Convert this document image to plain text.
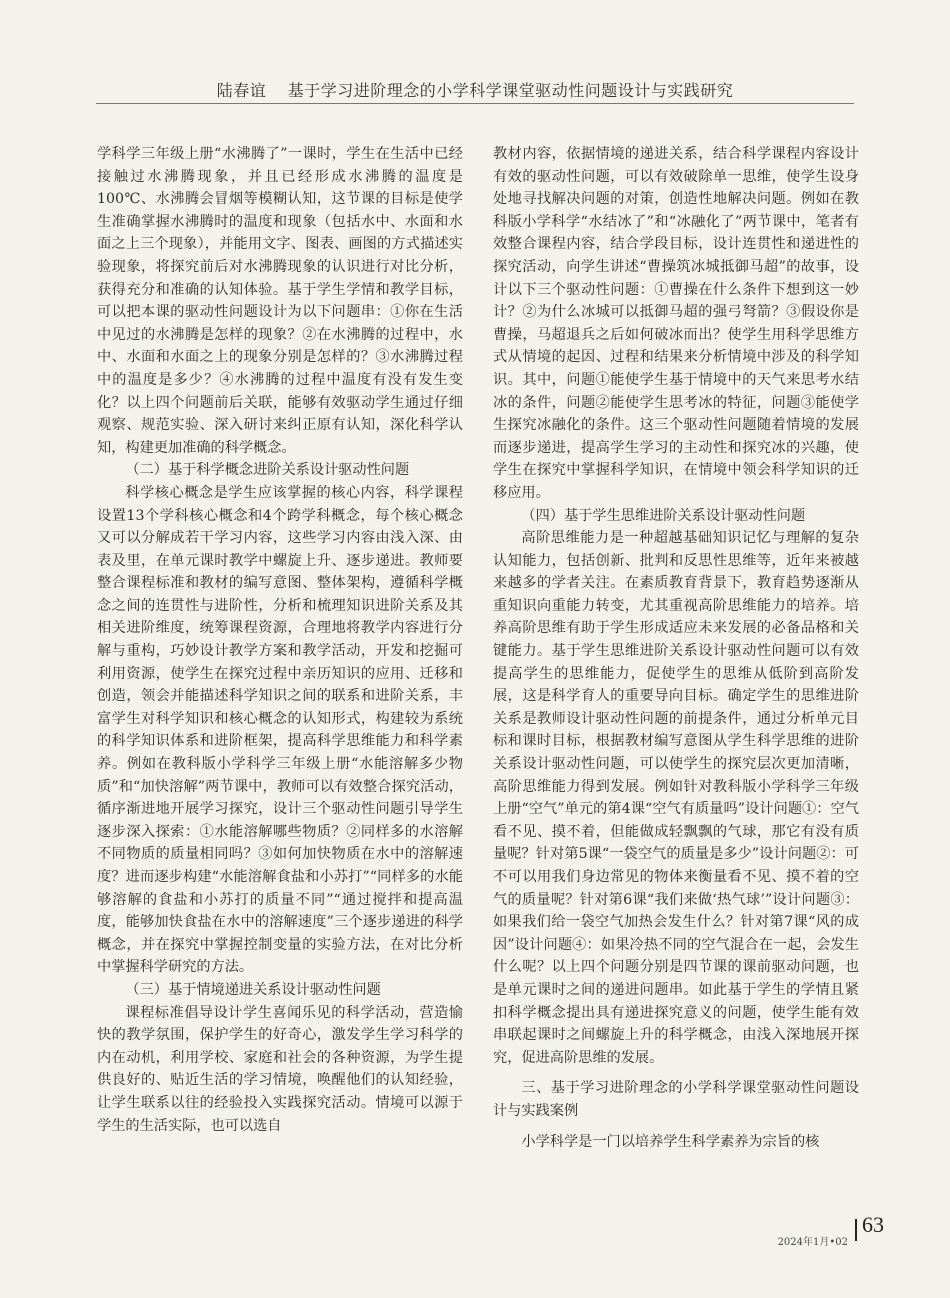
陆春谊 基于学习进阶理念的小学科学课堂驱动性问题设计与实践研究

学科学三年级上册“水沸腾了”一课时，学生在生活中已经接触过水沸腾现象，并且已经形成水沸腾的温度是100℃、水沸腾会冒烟等模糊认知，这节课的目标是使学生准确掌握水沸腾时的温度和现象（包括水中、水面和水面之上三个现象），并能用文字、图表、画图的方式描述实验现象，将探究前后对水沸腾现象的认识进行对比分析，获得充分和准确的认知体验。基于学生学情和教学目标，可以把本课的驱动性问题设计为以下问题串：①你在生活中见过的水沸腾是怎样的现象？②在水沸腾的过程中，水中、水面和水面之上的现象分别是怎样的？③水沸腾过程中的温度是多少？④水沸腾的过程中温度有没有发生变化？以上四个问题前后关联，能够有效驱动学生通过仔细观察、规范实验、深入研讨来纠正原有认知，深化科学认知，构建更加准确的科学概念。

（二）基于科学概念进阶关系设计驱动性问题

科学核心概念是学生应该掌握的核心内容，科学课程设置13个学科核心概念和4个跨学科概念，每个核心概念又可以分解成若干学习内容，这些学习内容由浅入深、由表及里，在单元课时教学中螺旋上升、逐步递进。教师要整合课程标准和教材的编写意图、整体架构，遵循科学概念之间的连贯性与进阶性，分析和梳理知识进阶关系及其相关进阶维度，统筹课程资源，合理地将教学内容进行分解与重构，巧妙设计教学方案和教学活动，开发和挖掘可利用资源，使学生在探究过程中亲历知识的应用、迁移和创造，领会并能描述科学知识之间的联系和进阶关系，丰富学生对科学知识和核心概念的认知形式，构建较为系统的科学知识体系和进阶框架，提高科学思维能力和科学素养。例如在教科版小学科学三年级上册“水能溶解多少物质”和“加快溶解”两节课中，教师可以有效整合探究活动，循序渐进地开展学习探究，设计三个驱动性问题引导学生逐步深入探索：①水能溶解哪些物质？②同样多的水溶解不同物质的质量相同吗？③如何加快物质在水中的溶解速度？进而逐步构建“水能溶解食盐和小苏打”“同样多的水能够溶解的食盐和小苏打的质量不同”“通过搅拌和提高温度，能够加快食盐在水中的溶解速度”三个逐步递进的科学概念，并在探究中掌握控制变量的实验方法，在对比分析中掌握科学研究的方法。

（三）基于情境递进关系设计驱动性问题

课程标准倡导设计学生喜闻乐见的科学活动，营造愉快的教学氛围，保护学生的好奇心，激发学生学习科学的内在动机，利用学校、家庭和社会的各种资源，为学生提供良好的、贴近生活的学习情境，唤醒他们的认知经验，让学生联系以往的经验投入实践探究活动。情境可以源于学生的生活实际，也可以选自

教材内容，依据情境的递进关系，结合科学课程内容设计有效的驱动性问题，可以有效破除单一思维，使学生设身处地寻找解决问题的对策，创造性地解决问题。例如在教科版小学科学“水结冰了”和“冰融化了”两节课中，笔者有效整合课程内容，结合学段目标，设计连贯性和递进性的探究活动，向学生讲述“曹操筑冰城抵御马超”的故事，设计以下三个驱动性问题：①曹操在什么条件下想到这一妙计？②为什么冰城可以抵御马超的强弓弩箭？③假设你是曹操，马超退兵之后如何破冰而出？使学生用科学思维方式从情境的起因、过程和结果来分析情境中涉及的科学知识。其中，问题①能使学生基于情境中的天气来思考水结冰的条件，问题②能使学生思考冰的特征，问题③能使学生探究冰融化的条件。这三个驱动性问题随着情境的发展而逐步递进，提高学生学习的主动性和探究冰的兴趣，使学生在探究中掌握科学知识，在情境中领会科学知识的迁移应用。

（四）基于学生思维进阶关系设计驱动性问题

高阶思维能力是一种超越基础知识记忆与理解的复杂认知能力，包括创新、批判和反思性思维等，近年来被越来越多的学者关注。在素质教育背景下，教育趋势逐渐从重知识向重能力转变，尤其重视高阶思维能力的培养。培养高阶思维有助于学生形成适应未来发展的必备品格和关键能力。基于学生思维进阶关系设计驱动性问题可以有效提高学生的思维能力，促使学生的思维从低阶到高阶发展，这是科学育人的重要导向目标。确定学生的思维进阶关系是教师设计驱动性问题的前提条件，通过分析单元目标和课时目标，根据教材编写意图从学生科学思维的进阶关系设计驱动性问题，可以使学生的探究层次更加清晰，高阶思维能力得到发展。例如针对教科版小学科学三年级上册“空气”单元的第4课“空气有质量吗”设计问题①：空气看不见、摸不着，但能做成轻飘飘的气球，那它有没有质量呢？针对第5课“一袋空气的质量是多少”设计问题②：可不可以用我们身边常见的物体来衡量看不见、摸不着的空气的质量呢？针对第6课“我们来做‘热气球’”设计问题③：如果我们给一袋空气加热会发生什么？针对第7课“风的成因”设计问题④：如果冷热不同的空气混合在一起，会发生什么呢？以上四个问题分别是四节课的课前驱动问题，也是单元课时之间的递进问题串。如此基于学生的学情且紧扣科学概念提出具有递进探究意义的问题，使学生能有效串联起课时之间螺旋上升的科学概念，由浅入深地展开探究，促进高阶思维的发展。

三、基于学习进阶理念的小学科学课堂驱动性问题设计与实践案例

小学科学是一门以培养学生科学素养为宗旨的核

2024年1月•02
63
